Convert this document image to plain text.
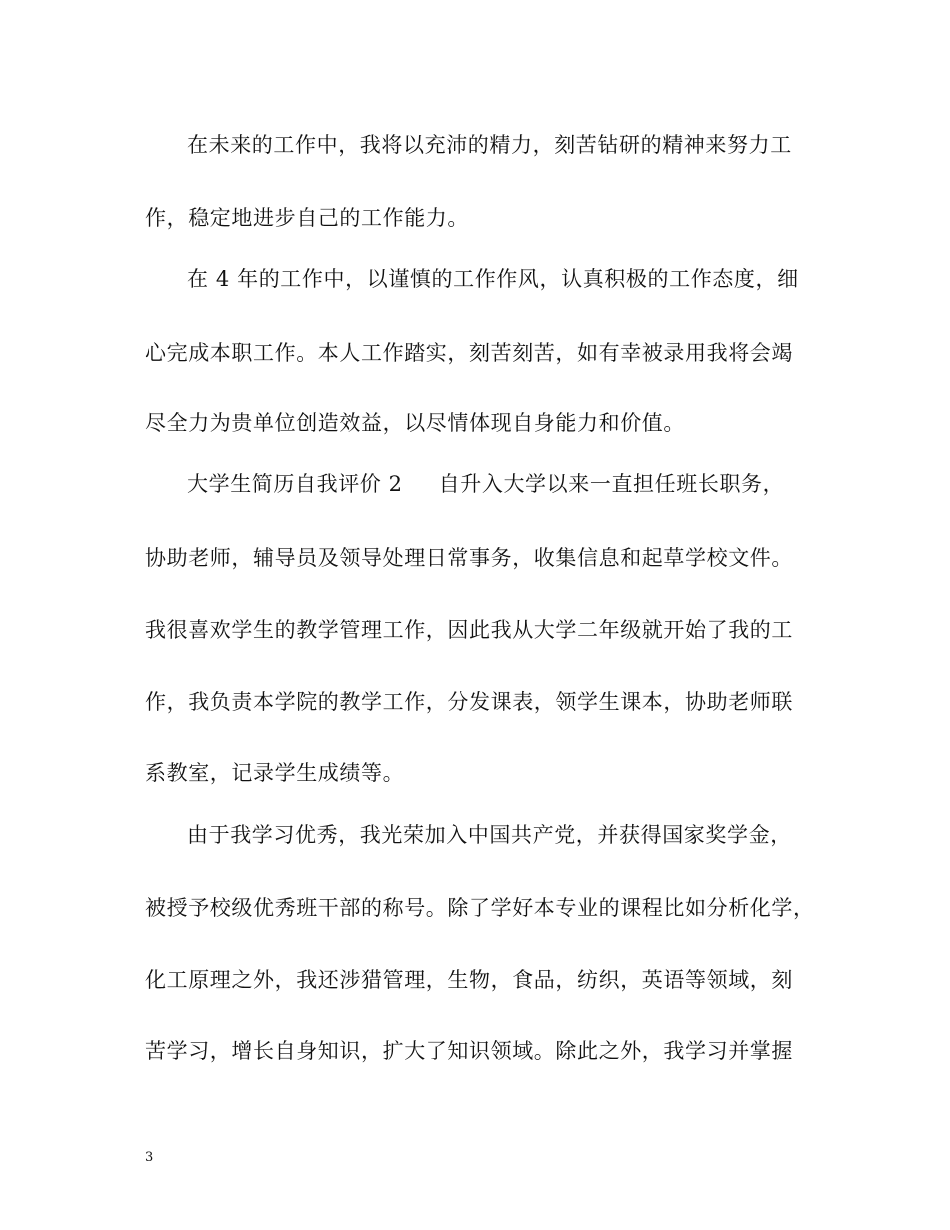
在未来的工作中，我将以充沛的精力，刻苦钻研的精神来努力工
作，稳定地进步自己的工作能力。
在 4 年的工作中，以谨慎的工作作风，认真积极的工作态度，细
心完成本职工作。本人工作踏实，刻苦刻苦，如有幸被录用我将会竭
尽全力为贵单位创造效益，以尽情体现自身能力和价值。
大学生简历自我评价 2 自升入大学以来一直担任班长职务，
协助老师，辅导员及领导处理日常事务，收集信息和起草学校文件。
我很喜欢学生的教学管理工作，因此我从大学二年级就开始了我的工
作，我负责本学院的教学工作，分发课表，领学生课本，协助老师联
系教室，记录学生成绩等。
由于我学习优秀，我光荣加入中国共产党，并获得国家奖学金，
被授予校级优秀班干部的称号。除了学好本专业的课程比如分析化学，
化工原理之外，我还涉猎管理，生物，食品，纺织，英语等领域，刻
苦学习，增长自身知识，扩大了知识领域。除此之外，我学习并掌握
3
